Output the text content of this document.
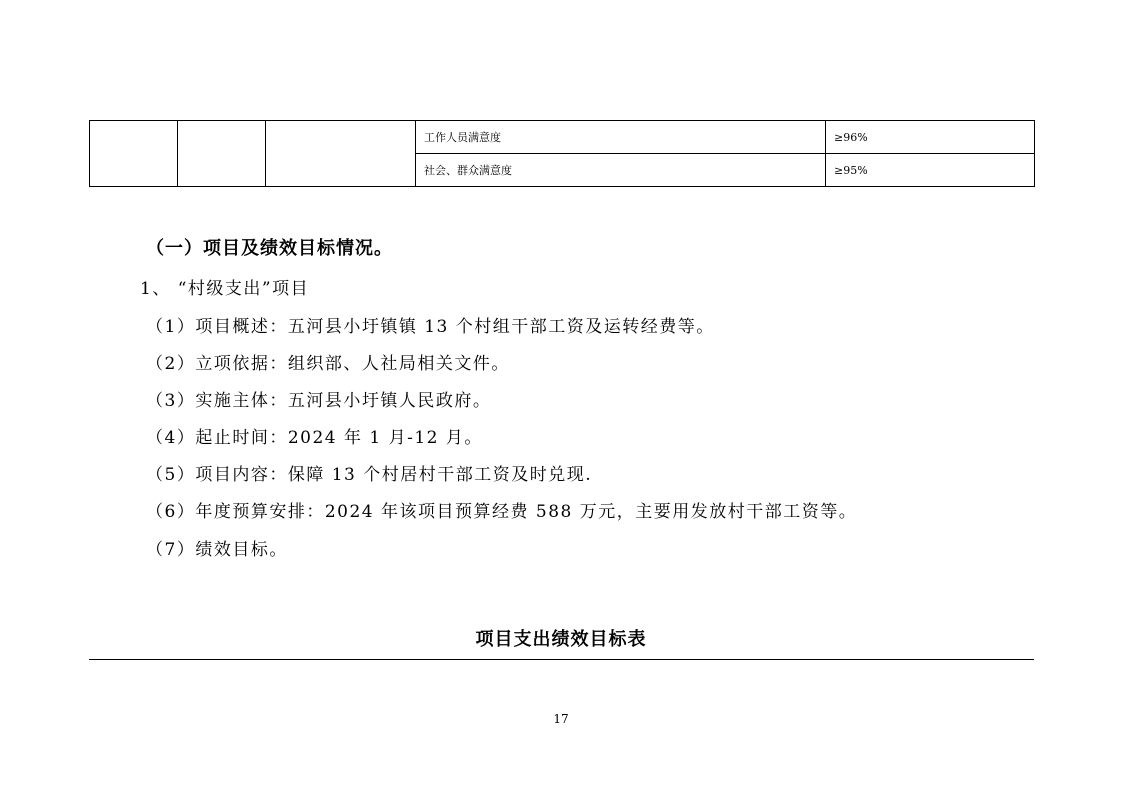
			工作人员满意度	≥96%
			社会、群众满意度	≥95%
（一）项目及绩效目标情况。

1、 “村级支出”项目

（1）项目概述：五河县小圩镇镇 13 个村组干部工资及运转经费等。

（2）立项依据：组织部、人社局相关文件。

（3）实施主体：五河县小圩镇人民政府。

（4）起止时间：2024 年 1 月-12 月。

（5）项目内容：保障 13 个村居村干部工资及时兑现.

（6）年度预算安排：2024 年该项目预算经费 588 万元，主要用发放村干部工资等。

（7）绩效目标。

项目支出绩效目标表
17
